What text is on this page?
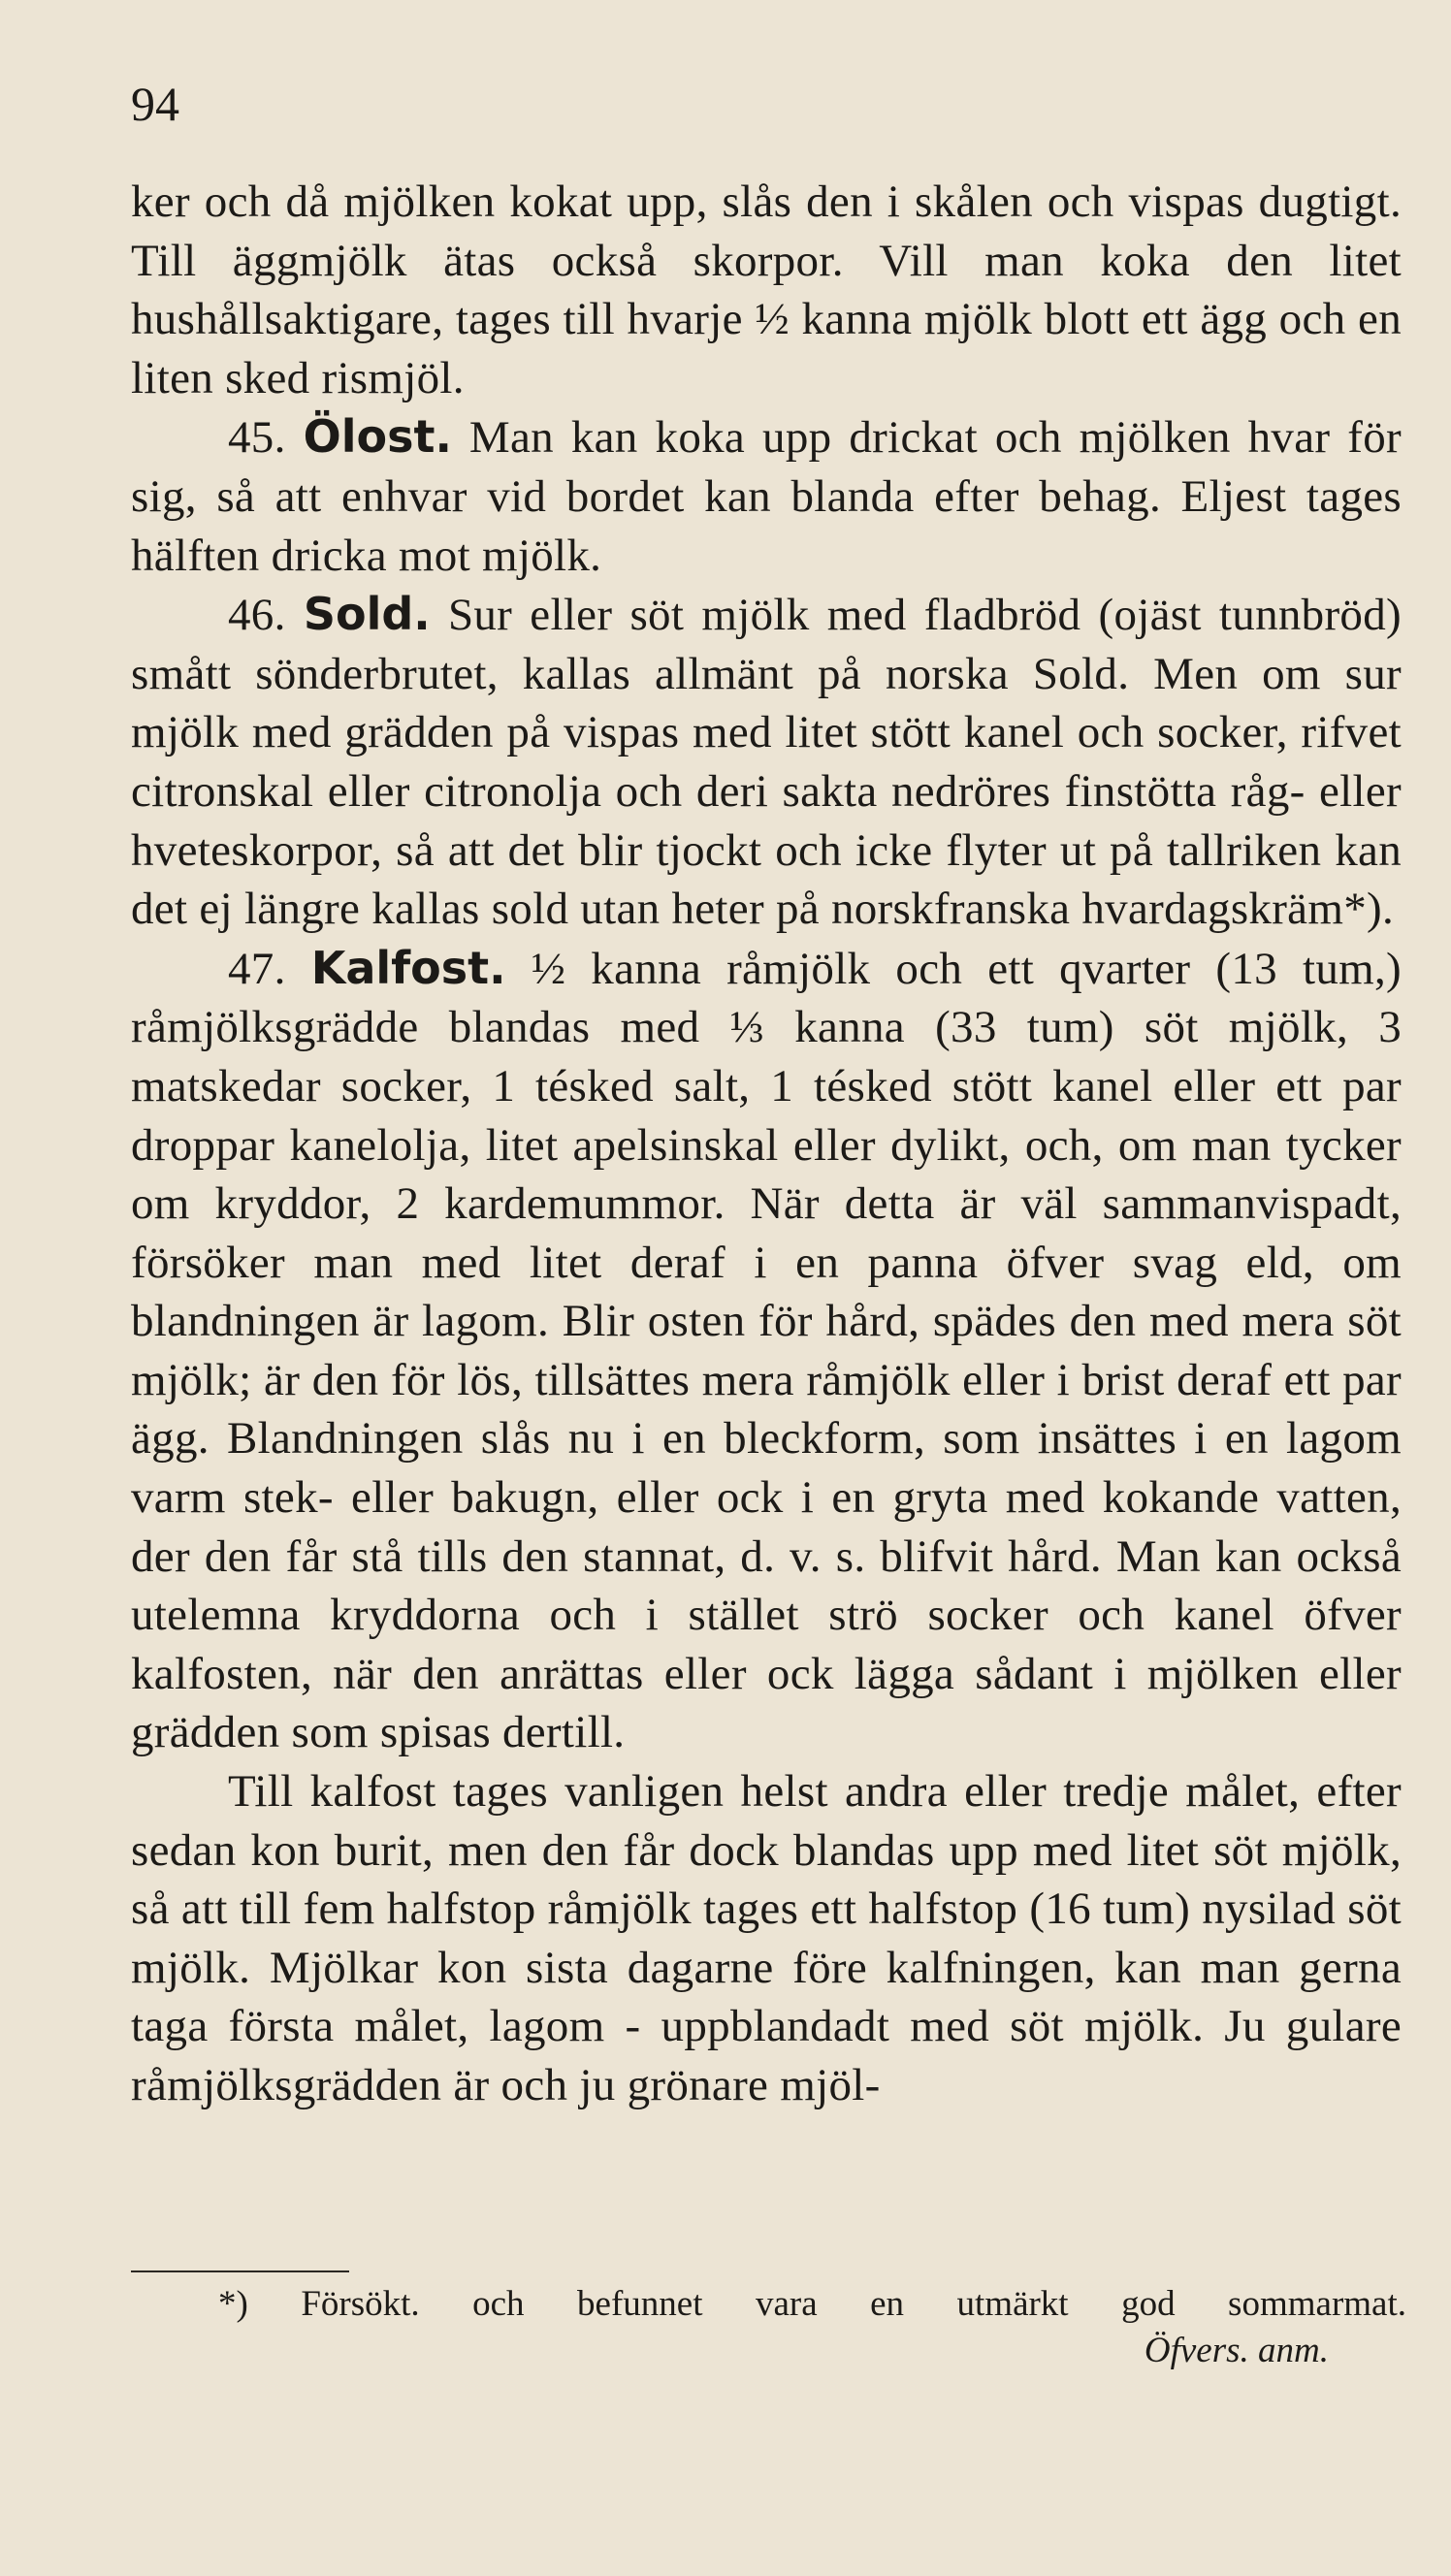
94

ker och då mjölken kokat upp, slås den i skålen och vispas dugtigt. Till äggmjölk ätas också skorpor. Vill man koka den litet hushållsaktigare, tages till hvarje ½ kanna mjölk blott ett ägg och en liten sked rismjöl.

45. Ölost. Man kan koka upp drickat och mjölken hvar för sig, så att enhvar vid bordet kan blanda efter behag. Eljest tages hälften dricka mot mjölk.

46. Sold. Sur eller söt mjölk med fladbröd (ojäst tunnbröd) smått sönderbrutet, kallas allmänt på norska Sold. Men om sur mjölk med grädden på vispas med litet stött kanel och socker, rifvet citronskal eller citronolja och deri sakta nedröres finstötta råg- eller hveteskorpor, så att det blir tjockt och icke flyter ut på tallriken kan det ej längre kallas sold utan heter på norskfranska hvardagskräm*).

47. Kalfost. ½ kanna råmjölk och ett qvarter (13 tum,) råmjölksgrädde blandas med ⅓ kanna (33 tum) söt mjölk, 3 matskedar socker, 1 tésked salt, 1 tésked stött kanel eller ett par droppar kanelolja, litet apelsinskal eller dylikt, och, om man tycker om kryddor, 2 kardemummor. När detta är väl sammanvispadt, försöker man med litet deraf i en panna öfver svag eld, om blandningen är lagom. Blir osten för hård, spädes den med mera söt mjölk; är den för lös, tillsättes mera råmjölk eller i brist deraf ett par ägg. Blandningen slås nu i en bleckform, som insättes i en lagom varm stek- eller bakugn, eller ock i en gryta med kokande vatten, der den får stå tills den stannat, d. v. s. blifvit hård. Man kan också utelemna kryddorna och i stället strö socker och kanel öfver kalfosten, när den anrättas eller ock lägga sådant i mjölken eller grädden som spisas dertill.

Till kalfost tages vanligen helst andra eller tredje målet, efter sedan kon burit, men den får dock blandas upp med litet söt mjölk, så att till fem halfstop råmjölk tages ett halfstop (16 tum) nysilad söt mjölk. Mjölkar kon sista dagarne före kalfningen, kan man gerna taga första målet, lagom - uppblandadt med söt mjölk. Ju gulare råmjölksgrädden är och ju grönare mjöl-

*) Försökt. och befunnet vara en utmärkt god sommarmat.
Öfvers. anm.
